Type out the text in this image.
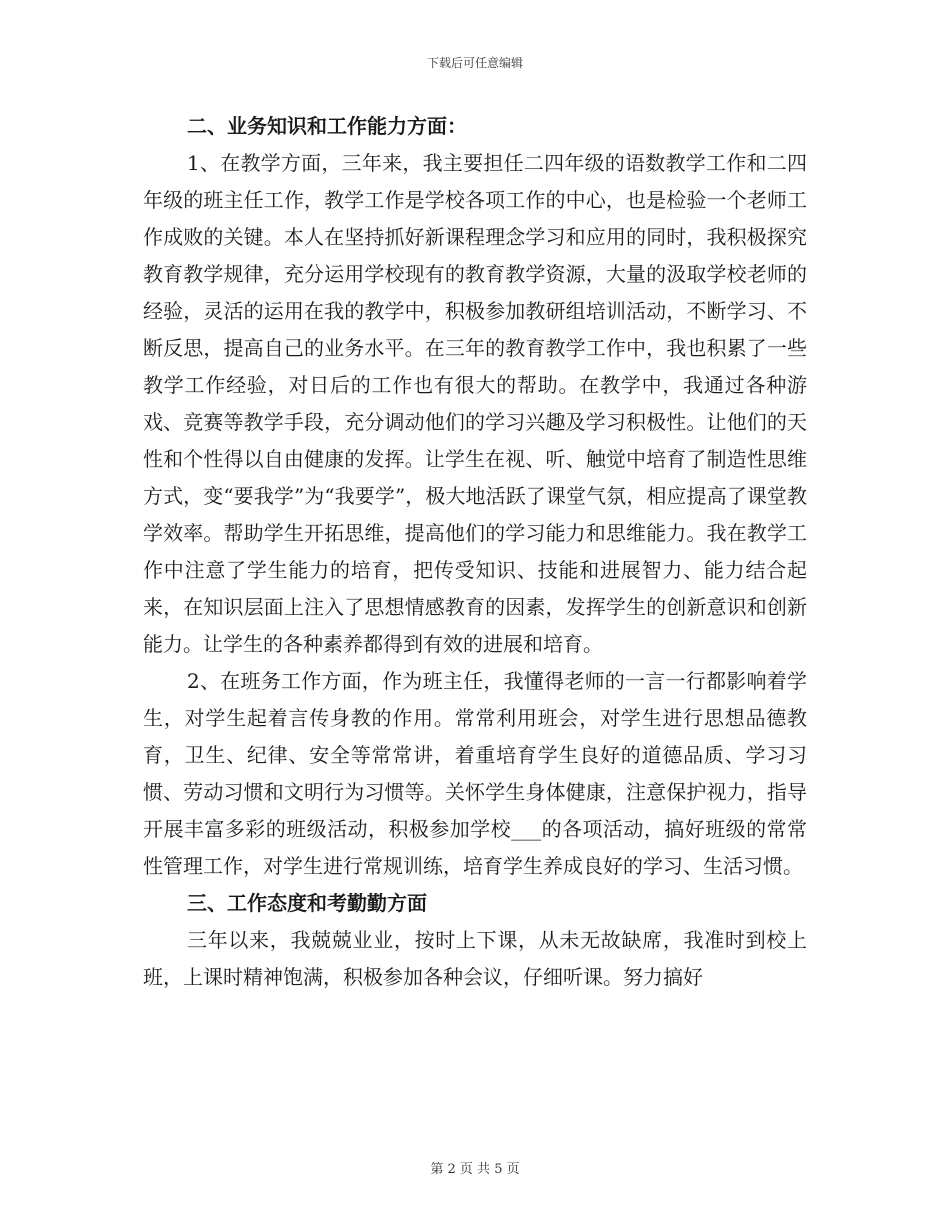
下载后可任意编辑

二、业务知识和工作能力方面：

1、在教学方面，三年来，我主要担任二四年级的语数教学工作和二四年级的班主任工作，教学工作是学校各项工作的中心，也是检验一个老师工作成败的关键。本人在坚持抓好新课程理念学习和应用的同时，我积极探究教育教学规律，充分运用学校现有的教育教学资源，大量的汲取学校老师的经验，灵活的运用在我的教学中，积极参加教研组培训活动，不断学习、不断反思，提高自己的业务水平。在三年的教育教学工作中，我也积累了一些教学工作经验，对日后的工作也有很大的帮助。在教学中，我通过各种游戏、竞赛等教学手段，充分调动他们的学习兴趣及学习积极性。让他们的天性和个性得以自由健康的发挥。让学生在视、听、触觉中培育了制造性思维方式，变“要我学”为“我要学”，极大地活跃了课堂气氛，相应提高了课堂教学效率。帮助学生开拓思维，提高他们的学习能力和思维能力。我在教学工作中注意了学生能力的培育，把传受知识、技能和进展智力、能力结合起来，在知识层面上注入了思想情感教育的因素，发挥学生的创新意识和创新能力。让学生的各种素养都得到有效的进展和培育。

2、在班务工作方面，作为班主任，我懂得老师的一言一行都影响着学生，对学生起着言传身教的作用。常常利用班会，对学生进行思想品德教育，卫生、纪律、安全等常常讲，着重培育学生良好的道德品质、学习习惯、劳动习惯和文明行为习惯等。关怀学生身体健康，注意保护视力，指导开展丰富多彩的班级活动，积极参加学校___的各项活动，搞好班级的常常性管理工作，对学生进行常规训练，培育学生养成良好的学习、生活习惯。

三、工作态度和考勤勤方面

三年以来，我兢兢业业，按时上下课，从未无故缺席，我准时到校上班，上课时精神饱满，积极参加各种会议，仔细听课。努力搞好

第 2 页 共 5 页
